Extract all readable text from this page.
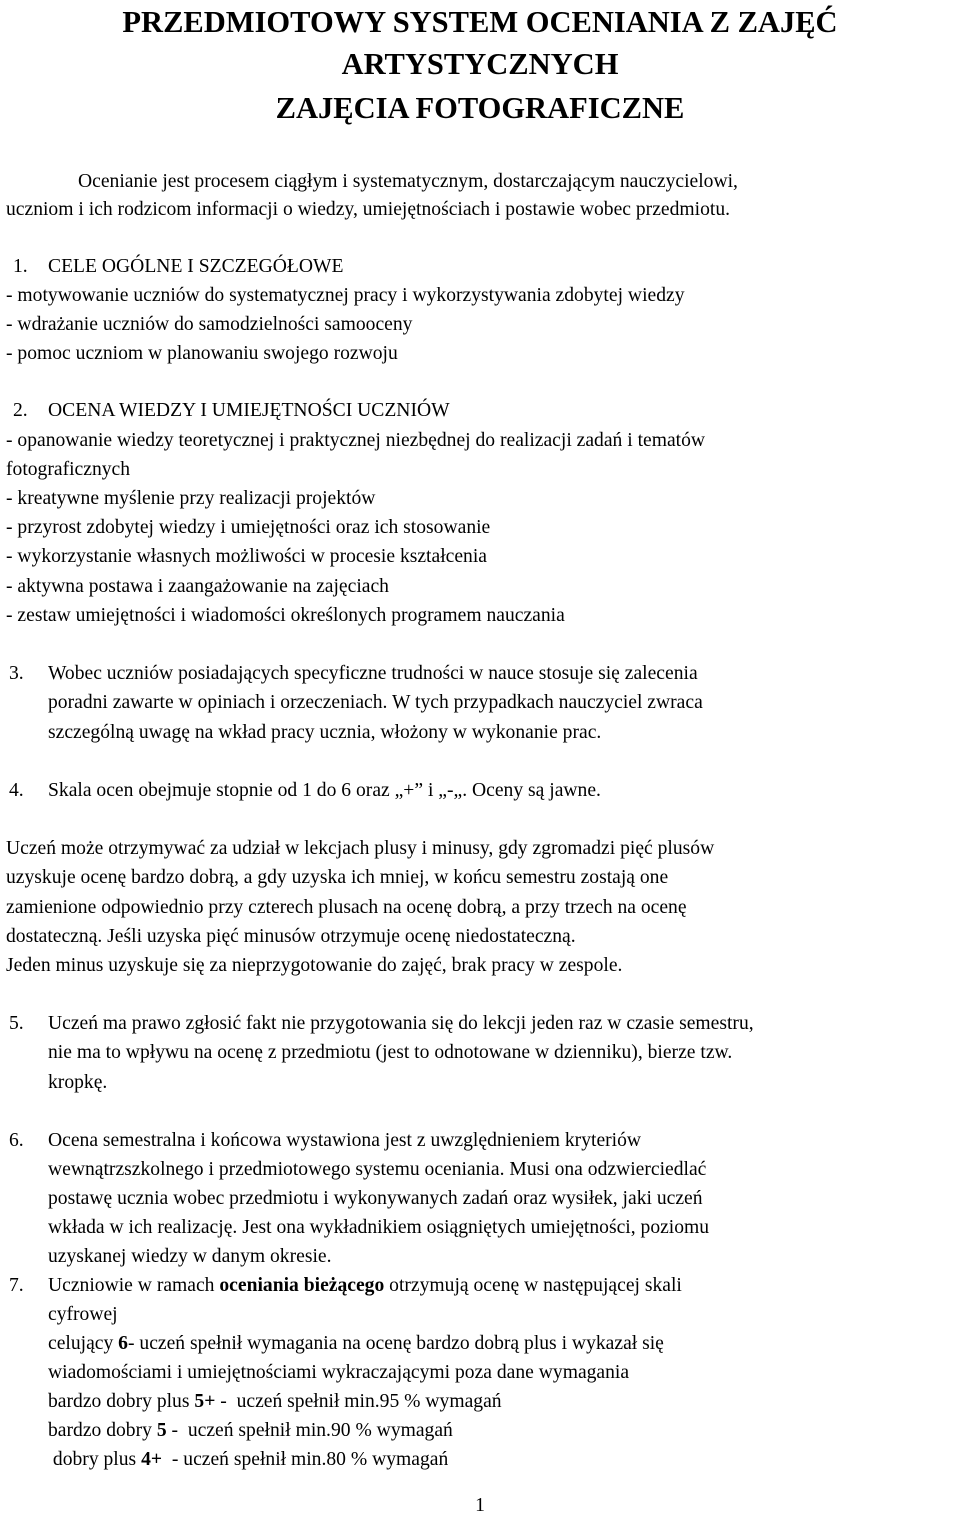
PRZEDMIOTOWY SYSTEM OCENIANIA Z ZAJĘĆ
ARTYSTYCZNYCH
ZAJĘCIA FOTOGRAFICZNE

Ocenianie jest procesem ciągłym i systematycznym, dostarczającym nauczycielowi,

uczniom i ich rodzicom informacji o wiedzy, umiejętnościach i postawie wobec przedmiotu.

1. CELE OGÓLNE I SZCZEGÓŁOWE

- motywowanie uczniów do systematycznej pracy i wykorzystywania zdobytej wiedzy

- wdrażanie uczniów do samodzielności samooceny

- pomoc uczniom w planowaniu swojego rozwoju

2. OCENA WIEDZY I UMIEJĘTNOŚCI UCZNIÓW

- opanowanie wiedzy teoretycznej i praktycznej niezbędnej do realizacji zadań i tematów

fotograficznych

- kreatywne myślenie przy realizacji projektów

- przyrost zdobytej wiedzy i umiejętności oraz ich stosowanie

- wykorzystanie własnych możliwości w procesie kształcenia

- aktywna postawa i zaangażowanie na zajęciach

- zestaw umiejętności i wiadomości określonych programem nauczania

3. Wobec uczniów posiadających specyficzne trudności w nauce stosuje się zalecenia

poradni zawarte w opiniach i orzeczeniach. W tych przypadkach nauczyciel zwraca

szczególną uwagę na wkład pracy ucznia, włożony w wykonanie prac.

4. Skala ocen obejmuje stopnie od 1 do 6 oraz „+” i „-„. Oceny są jawne.

Uczeń może otrzymywać za udział w lekcjach plusy i minusy, gdy zgromadzi pięć plusów

uzyskuje ocenę bardzo dobrą, a gdy uzyska ich mniej, w końcu semestru zostają one

zamienione odpowiednio przy czterech plusach na ocenę dobrą, a przy trzech na ocenę

dostateczną. Jeśli uzyska pięć minusów otrzymuje ocenę niedostateczną.

Jeden minus uzyskuje się za nieprzygotowanie do zajęć, brak pracy w zespole.

5. Uczeń ma prawo zgłosić fakt nie przygotowania się do lekcji jeden raz w czasie semestru,

nie ma to wpływu na ocenę z przedmiotu (jest to odnotowane w dzienniku), bierze tzw.

kropkę.

6. Ocena semestralna i końcowa wystawiona jest z uwzględnieniem kryteriów

wewnątrzszkolnego i przedmiotowego systemu oceniania. Musi ona odzwierciedlać

postawę ucznia wobec przedmiotu i wykonywanych zadań oraz wysiłek, jaki uczeń

wkłada w ich realizację. Jest ona wykładnikiem osiągniętych umiejętności, poziomu

uzyskanej wiedzy w danym okresie.

7. Uczniowie w ramach oceniania bieżącego otrzymują ocenę w następującej skali

cyfrowej

celujący 6- uczeń spełnił wymagania na ocenę bardzo dobrą plus i wykazał się

wiadomościami i umiejętnościami wykraczającymi poza dane wymagania

bardzo dobry plus 5+ -  uczeń spełnił min.95 % wymagań

bardzo dobry 5 -  uczeń spełnił min.90 % wymagań

dobry plus 4+  - uczeń spełnił min.80 % wymagań

1
